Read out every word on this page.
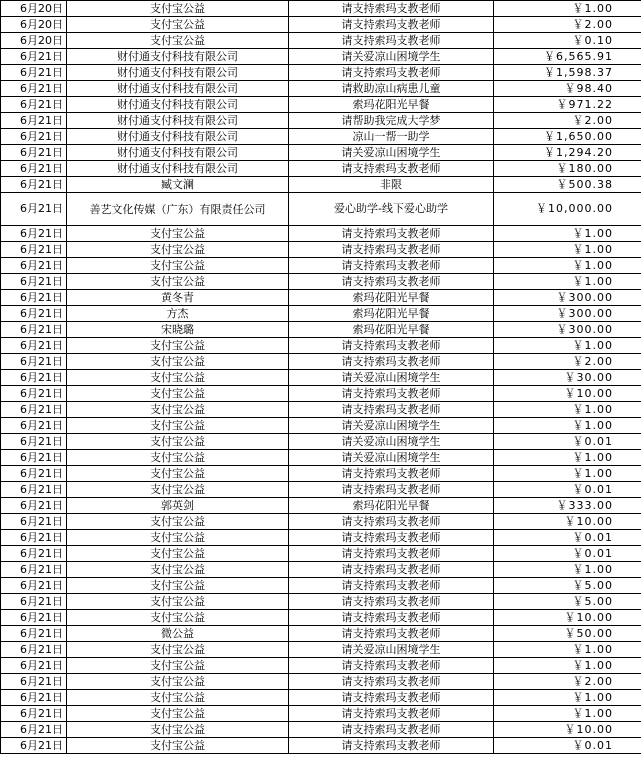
6月20日	支付宝公益	请支持索玛支教老师	￥1.00
6月20日	支付宝公益	请支持索玛支教老师	￥2.00
6月20日	支付宝公益	请支持索玛支教老师	￥0.10
6月21日	财付通支付科技有限公司	请关爱凉山困境学生	￥6,565.91
6月21日	财付通支付科技有限公司	请支持索玛支教老师	￥1,598.37
6月21日	财付通支付科技有限公司	请救助凉山病患儿童	￥98.40
6月21日	财付通支付科技有限公司	索玛花阳光早餐	￥971.22
6月21日	财付通支付科技有限公司	请帮助我完成大学梦	￥2.00
6月21日	财付通支付科技有限公司	凉山一帮一助学	￥1,650.00
6月21日	财付通支付科技有限公司	请关爱凉山困境学生	￥1,294.20
6月21日	财付通支付科技有限公司	请支持索玛支教老师	￥180.00
6月21日	臧文澜	非限	￥500.38
6月21日	善艺文化传媒（广东）有限责任公司	爱心助学-线下爱心助学	￥10,000.00
6月21日	支付宝公益	请支持索玛支教老师	￥1.00
6月21日	支付宝公益	请支持索玛支教老师	￥1.00
6月21日	支付宝公益	请支持索玛支教老师	￥1.00
6月21日	支付宝公益	请支持索玛支教老师	￥1.00
6月21日	黄冬青	索玛花阳光早餐	￥300.00
6月21日	方杰	索玛花阳光早餐	￥300.00
6月21日	宋晓璐	索玛花阳光早餐	￥300.00
6月21日	支付宝公益	请支持索玛支教老师	￥1.00
6月21日	支付宝公益	请支持索玛支教老师	￥2.00
6月21日	支付宝公益	请关爱凉山困境学生	￥30.00
6月21日	支付宝公益	请支持索玛支教老师	￥10.00
6月21日	支付宝公益	请支持索玛支教老师	￥1.00
6月21日	支付宝公益	请关爱凉山困境学生	￥1.00
6月21日	支付宝公益	请关爱凉山困境学生	￥0.01
6月21日	支付宝公益	请关爱凉山困境学生	￥1.00
6月21日	支付宝公益	请支持索玛支教老师	￥1.00
6月21日	支付宝公益	请支持索玛支教老师	￥0.01
6月21日	郭英剑	索玛花阳光早餐	￥333.00
6月21日	支付宝公益	请支持索玛支教老师	￥10.00
6月21日	支付宝公益	请支持索玛支教老师	￥0.01
6月21日	支付宝公益	请支持索玛支教老师	￥0.01
6月21日	支付宝公益	请支持索玛支教老师	￥1.00
6月21日	支付宝公益	请支持索玛支教老师	￥5.00
6月21日	支付宝公益	请支持索玛支教老师	￥5.00
6月21日	支付宝公益	请支持索玛支教老师	￥10.00
6月21日	微公益	请支持索玛支教老师	￥50.00
6月21日	支付宝公益	请关爱凉山困境学生	￥1.00
6月21日	支付宝公益	请支持索玛支教老师	￥1.00
6月21日	支付宝公益	请支持索玛支教老师	￥2.00
6月21日	支付宝公益	请支持索玛支教老师	￥1.00
6月21日	支付宝公益	请支持索玛支教老师	￥1.00
6月21日	支付宝公益	请支持索玛支教老师	￥10.00
6月21日	支付宝公益	请支持索玛支教老师	￥0.01
